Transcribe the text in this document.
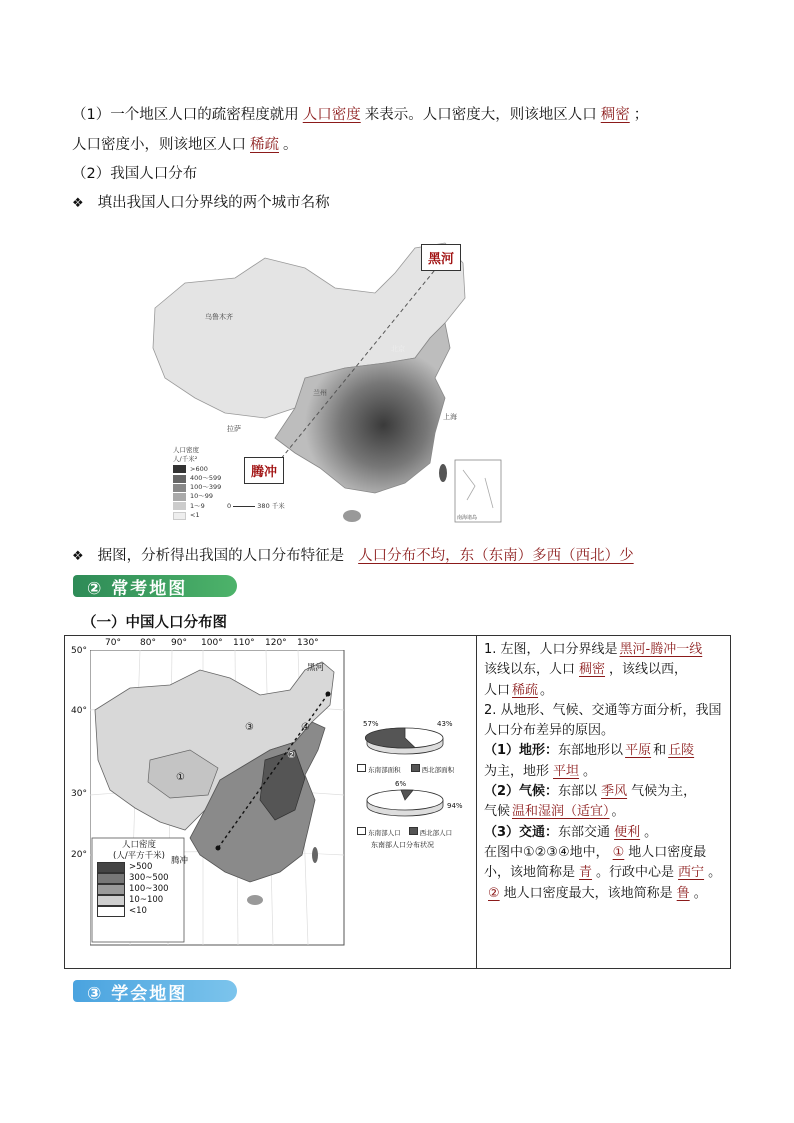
（1）一个地区人口的疏密程度就用 人口密度 来表示。人口密度大，则该地区人口 稠密 ；
人口密度小，则该地区人口 稀疏 。
（2）我国人口分布
❖ 填出我国人口分界线的两个城市名称
乌鲁木齐
拉萨
北京
兰州
上海
南海诸岛
人口密度
人/千米²
>600
400～599
100～399
10～99
1～9
<1
0	380 千米
黑河
腾冲
❖ 据图，分析得出我国的人口分布特征是 人口分布不均，东（东南）多西（西北）少
② 常考地图
（一）中国人口分布图
70° 80° 90° 100° 110° 120° 130°
50°
40°
30°
20°
黑河
腾冲
①
②
③	④
人口密度
(人/平方千米)
>500
300~500
100~300
10~100
<10
57%	43%
东南部面积	西北部面积
6%
94%
东南部人口	西北部人口
东南部人口分布状况
1. 左图，人口分界线是 黑河-腾冲一线
该线以东，人口 稠密 ，该线以西，
人口 稀疏 。
2. 从地形、气候、交通等方面分析，我国人口分布差异的原因。
（1）地形：东部地形以 平原 和 丘陵
为主，地形 平坦 。
（2）气候：东部以 季风 气候为主，
气候 温和湿润（适宜） 。
（3）交通：东部交通 便利 。
在图中①②③④地中， ① 地人口密度最小，该地简称是 青 。行政中心是 西宁 。② 地人口密度最大，该地简称是 鲁 。
③ 学会地图
